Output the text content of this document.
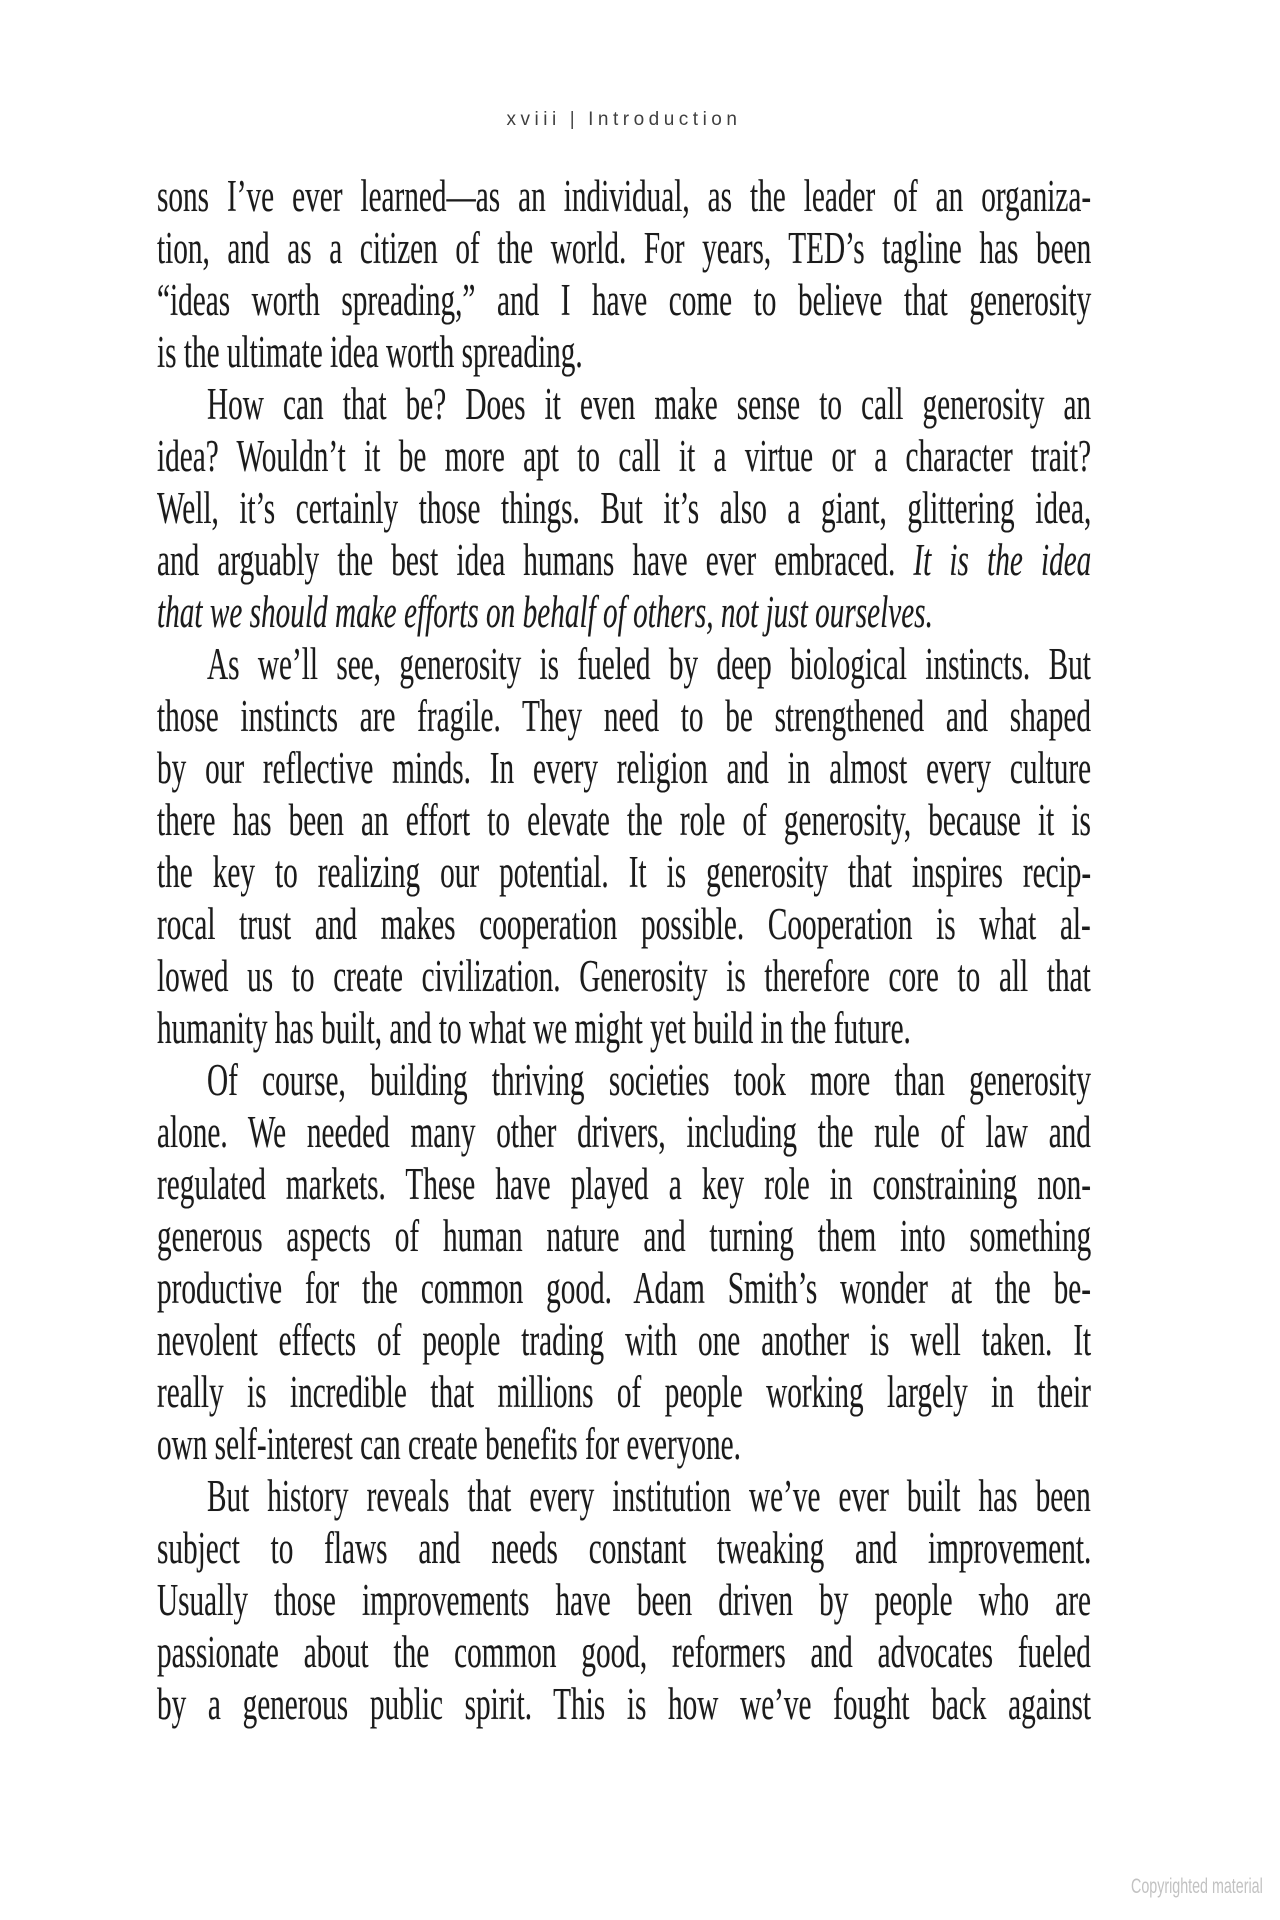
xviii | Introduction
sons I’ve ever learned—as an individual, as the leader of an organiza-
tion, and as a citizen of the world. For years, TED’s tagline has been
“ideas worth spreading,” and I have come to believe that generosity
is the ultimate idea worth spreading.
How can that be? Does it even make sense to call generosity an
idea? Wouldn’t it be more apt to call it a virtue or a character trait?
Well, it’s certainly those things. But it’s also a giant, glittering idea,
and arguably the best idea humans have ever embraced. It is the idea
that we should make efforts on behalf of others, not just ourselves.
As we’ll see, generosity is fueled by deep biological instincts. But
those instincts are fragile. They need to be strengthened and shaped
by our reflective minds. In every religion and in almost every culture
there has been an effort to elevate the role of generosity, because it is
the key to realizing our potential. It is generosity that inspires recip-
rocal trust and makes cooperation possible. Cooperation is what al-
lowed us to create civilization. Generosity is therefore core to all that
humanity has built, and to what we might yet build in the future.
Of course, building thriving societies took more than generosity
alone. We needed many other drivers, including the rule of law and
regulated markets. These have played a key role in constraining non-
generous aspects of human nature and turning them into something
productive for the common good. Adam Smith’s wonder at the be-
nevolent effects of people trading with one another is well taken. It
really is incredible that millions of people working largely in their
own self-interest can create benefits for everyone.
But history reveals that every institution we’ve ever built has been
subject to flaws and needs constant tweaking and improvement.
Usually those improvements have been driven by people who are
passionate about the common good, reformers and advocates fueled
by a generous public spirit. This is how we’ve fought back against
Copyrighted material
